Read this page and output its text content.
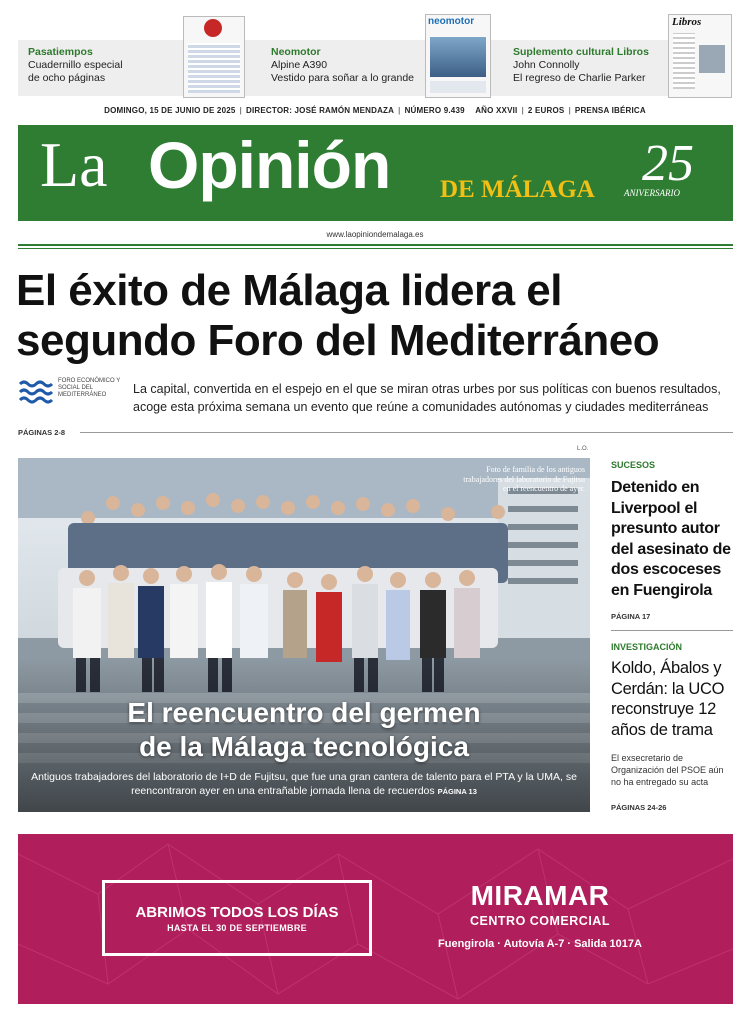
Pasatiempos
Cuadernillo especial
de ocho páginas
Neomotor
Alpine A390
Vestido para soñar a lo grande
neomotor
Suplemento cultural Libros
John Connolly
El regreso de Charlie Parker
Libros
DOMINGO, 15 DE JUNIO DE 2025 | DIRECTOR: JOSÉ RAMÓN MENDAZA | NÚMERO 9.439 AÑO XXVII | 2 EUROS | PRENSA IBÉRICA
La Opinión DE MÁLAGA 25
ANIVERSARIO
www.laopiniondemalaga.es
El éxito de Málaga lidera el
segundo Foro del Mediterráneo
FORO ECONÓMICO Y SOCIAL DEL MEDITERRÁNEO	La capital, convertida en el espejo en el que se miran otras urbes por sus políticas con buenos resultados, acoge esta próxima semana un evento que reúne a comunidades autónomas y ciudades mediterráneas
PÁGINAS 2-8
L.O.
Foto de familia de los antiguos trabajadores del laboratorio de Fujitsu en el reencuentro de ayer.
El reencuentro del germen
de la Málaga tecnológica
Antiguos trabajadores del laboratorio de I+D de Fujitsu, que fue una gran cantera de talento para el PTA y la UMA, se reencontraron ayer en una entrañable jornada llena de recuerdos PÁGINA 13
SUCESOS
Detenido en Liverpool el presunto autor del asesinato de dos escoceses en Fuengirola
PÁGINA 17
INVESTIGACIÓN
Koldo, Ábalos y Cerdán: la UCO reconstruye 12 años de trama
El exsecretario de Organización del PSOE aún no ha entregado su acta
PÁGINAS 24-26
ABRIMOS TODOS LOS DÍAS
HASTA EL 30 DE SEPTIEMBRE
MIRAMAR
CENTRO COMERCIAL
Fuengirola · Autovía A-7 · Salida 1017A
